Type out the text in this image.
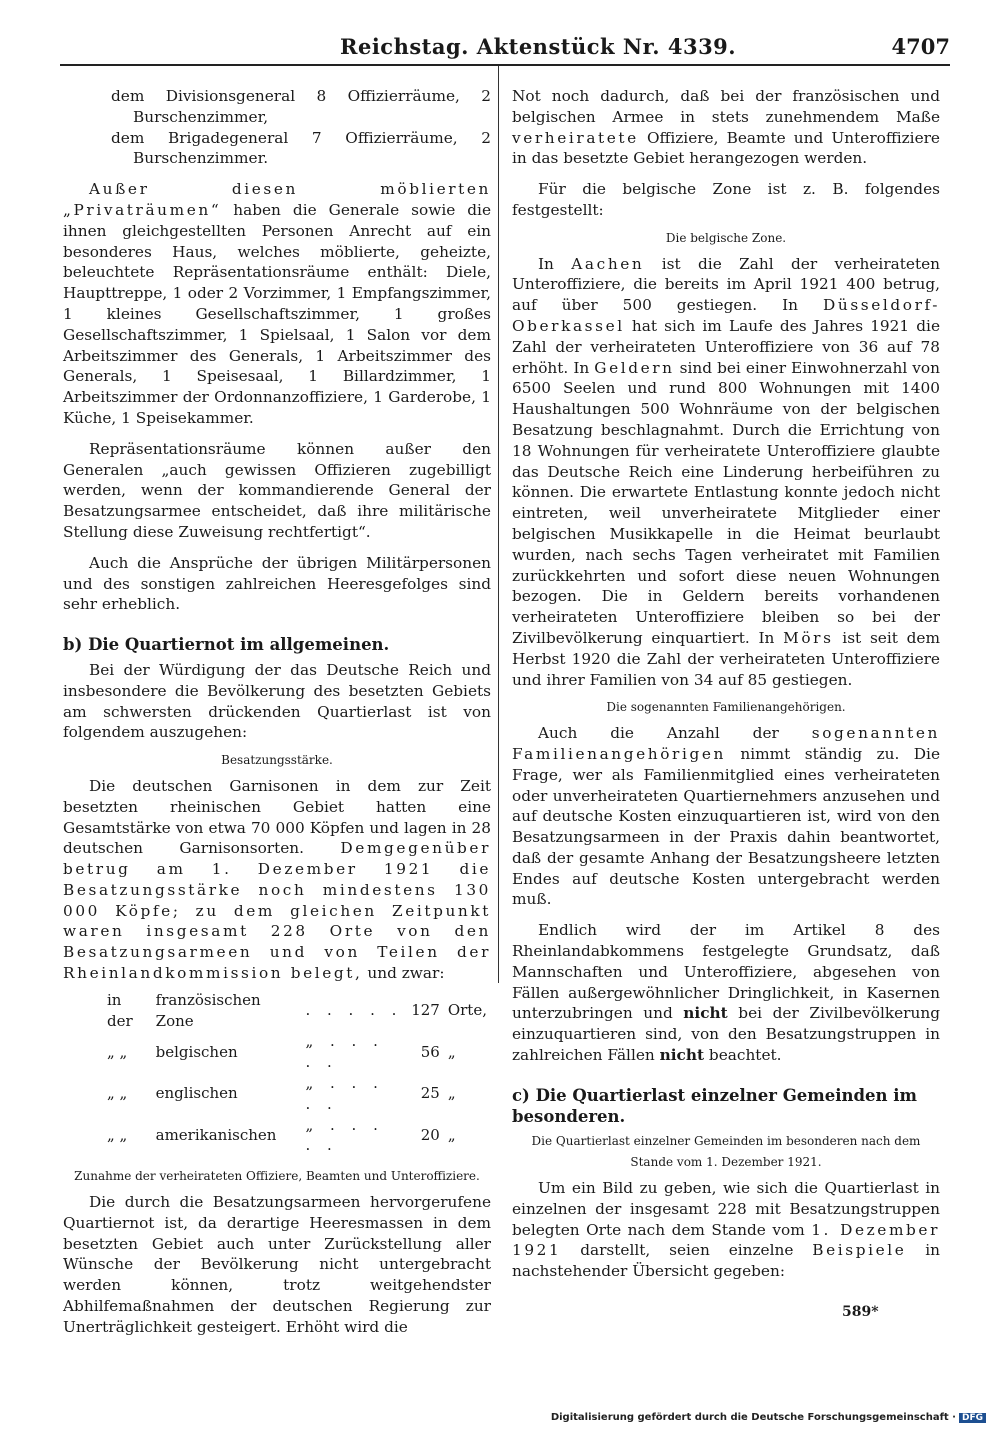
Reichstag. Aktenstück Nr. 4339.	4707

dem Divisionsgeneral 8 Offizierräume, 2 Burschenzimmer,

dem Brigadegeneral 7 Offizierräume, 2 Burschenzimmer.

Außer diesen möblierten „Privaträumen“ haben die Generale sowie die ihnen gleichgestellten Personen Anrecht auf ein besonderes Haus, welches möblierte, geheizte, beleuchtete Repräsentationsräume enthält: Diele, Haupttreppe, 1 oder 2 Vorzimmer, 1 Empfangszimmer, 1 kleines Gesellschaftszimmer, 1 großes Gesellschaftszimmer, 1 Spielsaal, 1 Salon vor dem Arbeitszimmer des Generals, 1 Arbeitszimmer des Generals, 1 Speisesaal, 1 Billardzimmer, 1 Arbeitszimmer der Ordonnanzoffiziere, 1 Garderobe, 1 Küche, 1 Speisekammer.

Repräsentationsräume können außer den Generalen „auch gewissen Offizieren zugebilligt werden, wenn der kommandierende General der Besatzungsarmee entscheidet, daß ihre militärische Stellung diese Zuweisung rechtfertigt“.

Auch die Ansprüche der übrigen Militärpersonen und des sonstigen zahlreichen Heeresgefolges sind sehr erheblich.

b) Die Quartiernot im allgemeinen.

Bei der Würdigung der das Deutsche Reich und insbesondere die Bevölkerung des besetzten Gebiets am schwersten drückenden Quartierlast ist von folgendem auszugehen:

Besatzungsstärke.

Die deutschen Garnisonen in dem zur Zeit besetzten rheinischen Gebiet hatten eine Gesamtstärke von etwa 70 000 Köpfen und lagen in 28 deutschen Garnisonsorten. Demgegenüber betrug am 1. Dezember 1921 die Besatzungsstärke noch mindestens 130 000 Köpfe; zu dem gleichen Zeitpunkt waren insgesamt 228 Orte von den Besatzungsarmeen und von Teilen der Rheinlandkommission belegt, und zwar:

in der	französischen Zone	. . . . .	127	Orte,
„ „	belgischen	„ . . . . .	56	„
„ „	englischen	„ . . . . .	25	„
„ „	amerikanischen	„ . . . . .	20	„
Zunahme der verheirateten Offiziere, Beamten und Unteroffiziere.

Die durch die Besatzungsarmeen hervorgerufene Quartiernot ist, da derartige Heeresmassen in dem besetzten Gebiet auch unter Zurückstellung aller Wünsche der Bevölkerung nicht untergebracht werden können, trotz weitgehendster Abhilfemaßnahmen der deutschen Regierung zur Unerträglichkeit gesteigert. Erhöht wird die

Not noch dadurch, daß bei der französischen und belgischen Armee in stets zunehmendem Maße verheiratete Offiziere, Beamte und Unteroffiziere in das besetzte Gebiet herangezogen werden.

Für die belgische Zone ist z. B. folgendes festgestellt:

Die belgische Zone.

In Aachen ist die Zahl der verheirateten Unteroffiziere, die bereits im April 1921 400 betrug, auf über 500 gestiegen. In Düsseldorf-Oberkassel hat sich im Laufe des Jahres 1921 die Zahl der verheirateten Unteroffiziere von 36 auf 78 erhöht. In Geldern sind bei einer Einwohnerzahl von 6500 Seelen und rund 800 Wohnungen mit 1400 Haushaltungen 500 Wohnräume von der belgischen Besatzung beschlagnahmt. Durch die Errichtung von 18 Wohnungen für verheiratete Unteroffiziere glaubte das Deutsche Reich eine Linderung herbeiführen zu können. Die erwartete Entlastung konnte jedoch nicht eintreten, weil unverheiratete Mitglieder einer belgischen Musikkapelle in die Heimat beurlaubt wurden, nach sechs Tagen verheiratet mit Familien zurückkehrten und sofort diese neuen Wohnungen bezogen. Die in Geldern bereits vorhandenen verheirateten Unteroffiziere bleiben so bei der Zivilbevölkerung einquartiert. In Mörs ist seit dem Herbst 1920 die Zahl der verheirateten Unteroffiziere und ihrer Familien von 34 auf 85 gestiegen.

Die sogenannten Familienangehörigen.

Auch die Anzahl der sogenannten Familienangehörigen nimmt ständig zu. Die Frage, wer als Familienmitglied eines verheirateten oder unverheirateten Quartiernehmers anzusehen und auf deutsche Kosten einzuquartieren ist, wird von den Besatzungsarmeen in der Praxis dahin beantwortet, daß der gesamte Anhang der Besatzungsheere letzten Endes auf deutsche Kosten untergebracht werden muß.

Endlich wird der im Artikel 8 des Rheinlandabkommens festgelegte Grundsatz, daß Mannschaften und Unteroffiziere, abgesehen von Fällen außergewöhnlicher Dringlichkeit, in Kasernen unterzubringen und nicht bei der Zivilbevölkerung einzuquartieren sind, von den Besatzungstruppen in zahlreichen Fällen nicht beachtet.

c) Die Quartierlast einzelner Gemeinden im besonderen.
Die Quartierlast einzelner Gemeinden im besonderen nach dem Stande vom 1. Dezember 1921.

Um ein Bild zu geben, wie sich die Quartierlast in einzelnen der insgesamt 228 mit Besatzungstruppen belegten Orte nach dem Stande vom 1. Dezember 1921 darstellt, seien einzelne Beispiele in nachstehender Übersicht gegeben:

589*
Digitalisierung gefördert durch die Deutsche Forschungsgemeinschaft · DFG
